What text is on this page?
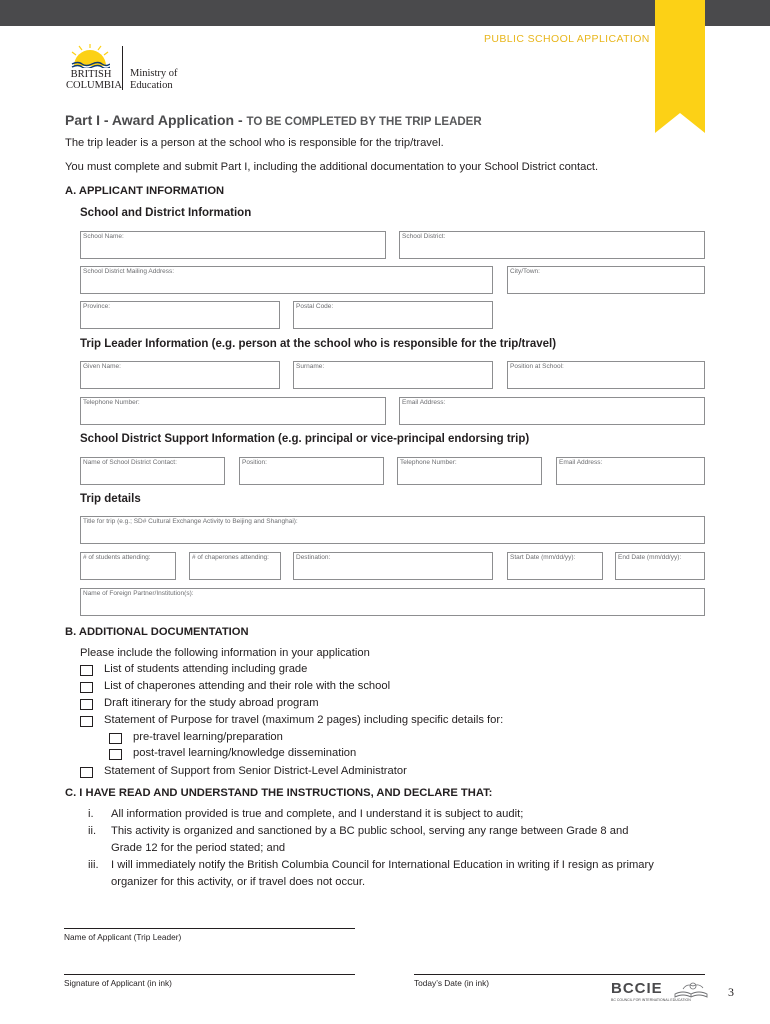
PUBLIC SCHOOL APPLICATION
BRITISH
COLUMBIA
Ministry of
Education
Part I - Award Application - TO BE COMPLETED BY THE TRIP LEADER
The trip leader is a person at the school who is responsible for the trip/travel.
You must complete and submit Part I, including the additional documentation to your School District contact.
A. APPLICANT INFORMATION
School and District Information
School Name:	School District:
School District Mailing Address:	City/Town:
Province:	Postal Code:
Trip Leader Information (e.g. person at the school who is responsible for the trip/travel)
Given Name:	Surname:	Position at School:
Telephone Number:	Email Address:
School District Support Information (e.g. principal or vice-principal endorsing trip)
Name of School District Contact:	Position:	Telephone Number:	Email Address:
Trip details
Title for trip (e.g.; SD# Cultural Exchange Activity to Beijing and Shanghai):
# of students attending:	# of chaperones attending:	Destination:	Start Date (mm/dd/yy):	End Date (mm/dd/yy):
Name of Foreign Partner/Institution(s):
B. ADDITIONAL DOCUMENTATION
Please include the following information in your application
List of students attending including grade
List of chaperones attending and their role with the school
Draft itinerary for the study abroad program
Statement of Purpose for travel (maximum 2 pages) including specific details for:
pre-travel learning/preparation
post-travel learning/knowledge dissemination
Statement of Support from Senior District-Level Administrator
C. I HAVE READ AND UNDERSTAND THE INSTRUCTIONS, AND DECLARE THAT:
i. All information provided is true and complete, and I understand it is subject to audit;
ii. This activity is organized and sanctioned by a BC public school, serving any range between Grade 8 and
Grade 12 for the period stated; and
iii. I will immediately notify the British Columbia Council for International Education in writing if I resign as primary
organizer for this activity, or if travel does not occur.
Name of Applicant (Trip Leader)
Signature of Applicant (in ink)	Today’s Date (in ink)	BCCIE
BC COUNCIL FOR INTERNATIONAL EDUCATION
3
